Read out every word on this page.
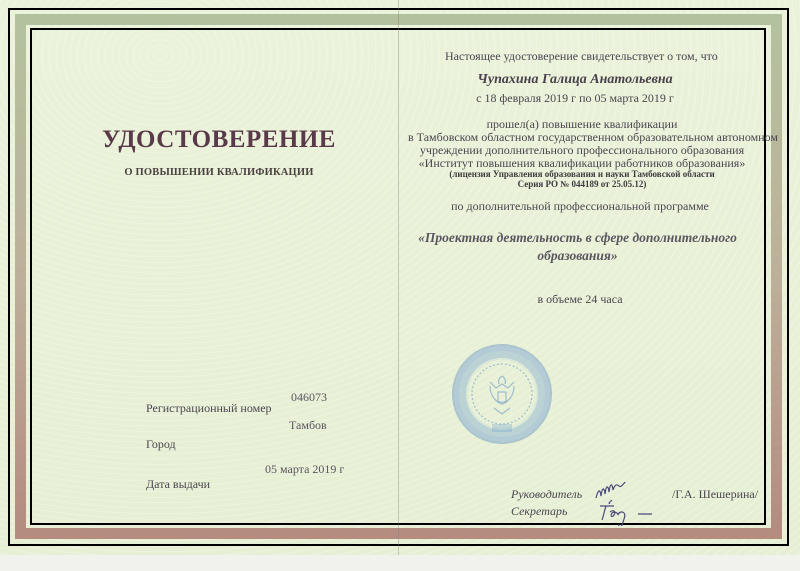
УДОСТОВЕРЕНИЕ
О ПОВЫШЕНИИ КВАЛИФИКАЦИИ
046073
Регистрационный номер
Тамбов
Город
05 марта 2019 г
Дата выдачи
Настоящее удостоверение свидетельствует о том, что
Чупахина Галица Анатольевна
с 18 февраля 2019 г по 05 марта 2019 г
прошел(а) повышение квалификации
в Тамбовском областном государственном образовательном автономном
учреждении дополнительного профессионального образования
«Институт повышения квалификации работников образования»
(лицензия Управления образования и науки Тамбовской области
Серия РО № 044189 от 25.05.12)
по дополнительной профессиональной программе
«Проектная деятельность в сфере дополнительного
образования»
в объеме 24 часа
Руководитель
Секретарь
/Г.А. Шешерина/
